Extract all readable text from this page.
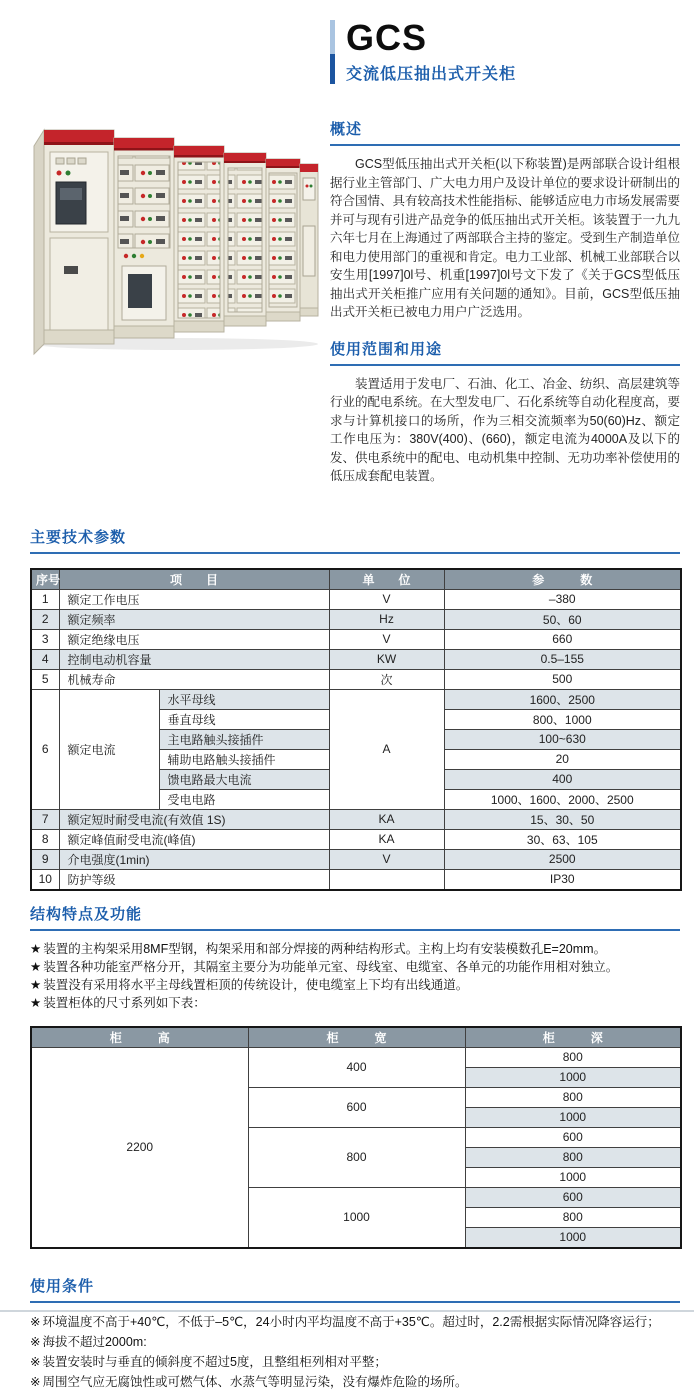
GCS
交流低压抽出式开关柜
概述

GCS型低压抽出式开关柜(以下称装置)是两部联合设计组根据行业主管部门、广大电力用户及设计单位的要求设计研制出的符合国情、具有较高技术性能指标、能够适应电力市场发展需要并可与现有引进产品竞争的低压抽出式开关柜。该装置于一九九六年七月在上海通过了两部联合主持的鉴定。受到生产制造单位和电力使用部门的重视和肯定。电力工业部、机械工业部联合以安生用[1997]0l号、机重[1997]0l号文下发了《关于GCS型低压抽出式开关柜推广应用有关问题的通知》。目前，GCS型低压抽出式开关柜已被电力用户广泛选用。

使用范围和用途

装置适用于发电厂、石油、化工、冶金、纺织、高层建筑等行业的配电系统。在大型发电厂、石化系统等自动化程度高，要求与计算机接口的场所，作为三相交流频率为50(60)Hz、额定工作电压为：380V(400)、(660)，额定电流为4000A及以下的发、供电系统中的配电、电动机集中控制、无功功率补偿使用的低压成套配电装置。

主要技术参数
序号	项　　目		单　　位	参　　　数
1	额定工作电压		V	–380
2	额定频率		Hz	50、60
3	额定绝缘电压		V	660
4	控制电动机容量		KW	0.5–155
5	机械寿命		次	500
6	额定电流	水平母线	A	1600、2500
		垂直母线		800、1000
		主电路触头接插件		100~630
		辅助电路触头接插件		20
		馈电路最大电流		400
		受电电路		1000、1600、2000、2500
7	额定短时耐受电流(有效值 1S)		KA	15、30、50
8	额定峰值耐受电流(峰值)		KA	30、63、105
9	介电强度(1min)		V	2500
10	防护等级			IP30
结构特点及功能
★ 装置的主构架采用8MF型钢，构架采用和部分焊接的两种结构形式。主构上均有安装模数孔E=20mm。
★ 装置各种功能室严格分开，其隔室主要分为功能单元室、母线室、电缆室、各单元的功能作用相对独立。
★ 装置没有采用将水平主母线置柜顶的传统设计，使电缆室上下均有出线通道。
★ 装置柜体的尺寸系列如下表：
柜　　　高	柜　　　宽	柜　　　深
2200	400	800
		1000
	600	800
		1000
	800	600
		800
		1000
	1000	600
		800
		1000
使用条件
※ 环境温度不高于+40℃，不低于–5℃，24小时内平均温度不高于+35℃。超过时，2.2需根据实际情况降容运行；
※ 海拔不超过2000m:
※ 装置安装时与垂直的倾斜度不超过5度，且整组柜列相对平整；
※ 周围空气应无腐蚀性或可燃气体、水蒸气等明显污染，没有爆炸危险的场所。
